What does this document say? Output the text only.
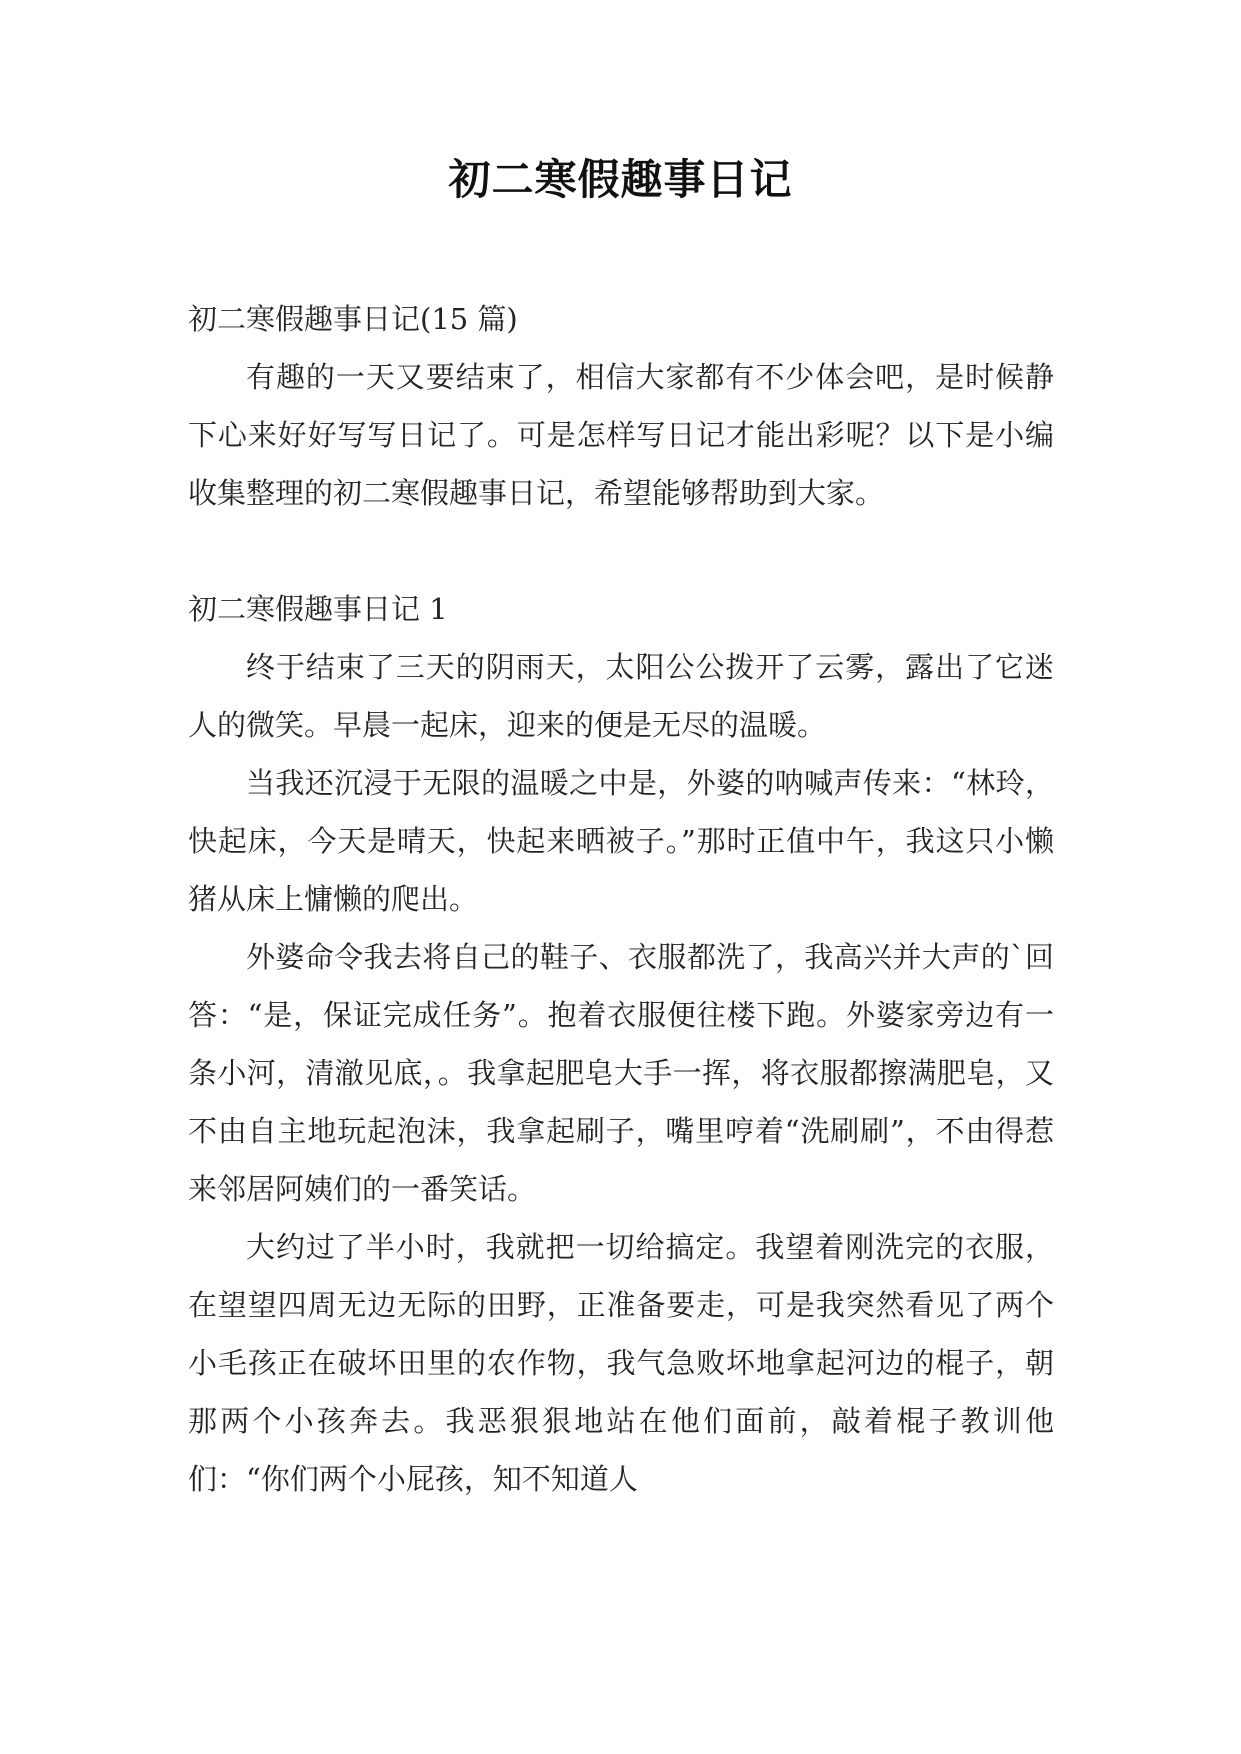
初二寒假趣事日记

初二寒假趣事日记(15 篇)

有趣的一天又要结束了，相信大家都有不少体会吧，是时候静下心来好好写写日记了。可是怎样写日记才能出彩呢？以下是小编收集整理的初二寒假趣事日记，希望能够帮助到大家。

初二寒假趣事日记 1

终于结束了三天的阴雨天，太阳公公拨开了云雾，露出了它迷人的微笑。早晨一起床，迎来的便是无尽的温暖。

当我还沉浸于无限的温暖之中是，外婆的呐喊声传来：“林玲，快起床，今天是晴天，快起来晒被子。”那时正值中午，我这只小懒猪从床上慵懒的爬出。

外婆命令我去将自己的鞋子、衣服都洗了，我高兴并大声的`回答：“是，保证完成任务”。抱着衣服便往楼下跑。外婆家旁边有一条小河，清澈见底，。我拿起肥皂大手一挥，将衣服都擦满肥皂，又不由自主地玩起泡沫，我拿起刷子，嘴里哼着“洗刷刷”，不由得惹来邻居阿姨们的一番笑话。

大约过了半小时，我就把一切给搞定。我望着刚洗完的衣服，在望望四周无边无际的田野，正准备要走，可是我突然看见了两个小毛孩正在破坏田里的农作物，我气急败坏地拿起河边的棍子，朝那两个小孩奔去。我恶狠狠地站在他们面前，敲着棍子教训他们：“你们两个小屁孩，知不知道人
